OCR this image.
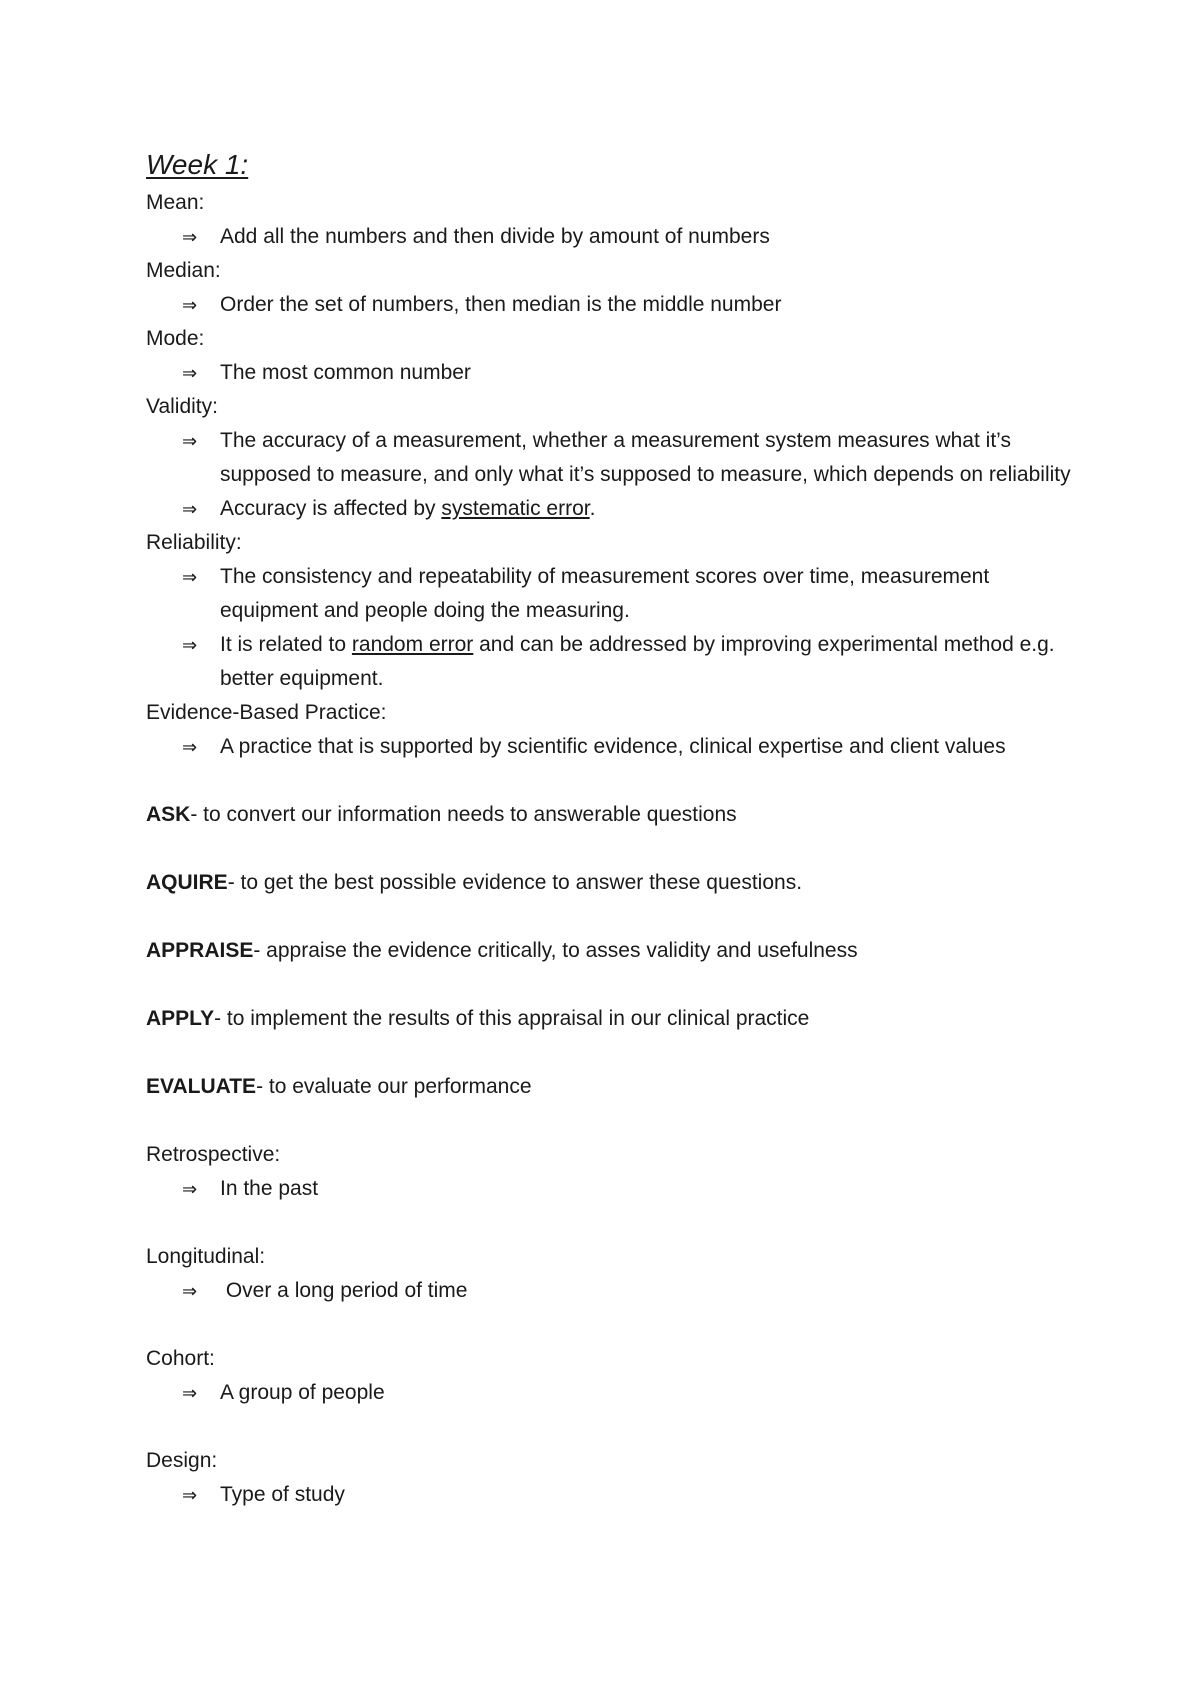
Week 1:
Mean:
⇒	Add all the numbers and then divide by amount of numbers
Median:
⇒	Order the set of numbers, then median is the middle number
Mode:
⇒	The most common number
Validity:
⇒	The accuracy of a measurement, whether a measurement system measures what it’s supposed to measure, and only what it’s supposed to measure, which depends on reliability
⇒	Accuracy is affected by systematic error.
Reliability:
⇒	The consistency and repeatability of measurement scores over time, measurement equipment and people doing the measuring.
⇒	It is related to random error and can be addressed by improving experimental method e.g. better equipment.
Evidence-Based Practice:
⇒	A practice that is supported by scientific evidence, clinical expertise and client values
ASK- to convert our information needs to answerable questions
AQUIRE- to get the best possible evidence to answer these questions.
APPRAISE- appraise the evidence critically, to asses validity and usefulness
APPLY- to implement the results of this appraisal in our clinical practice
EVALUATE- to evaluate our performance
Retrospective:
⇒	In the past
Longitudinal:
⇒	Over a long period of time
Cohort:
⇒	A group of people
Design:
⇒	Type of study
